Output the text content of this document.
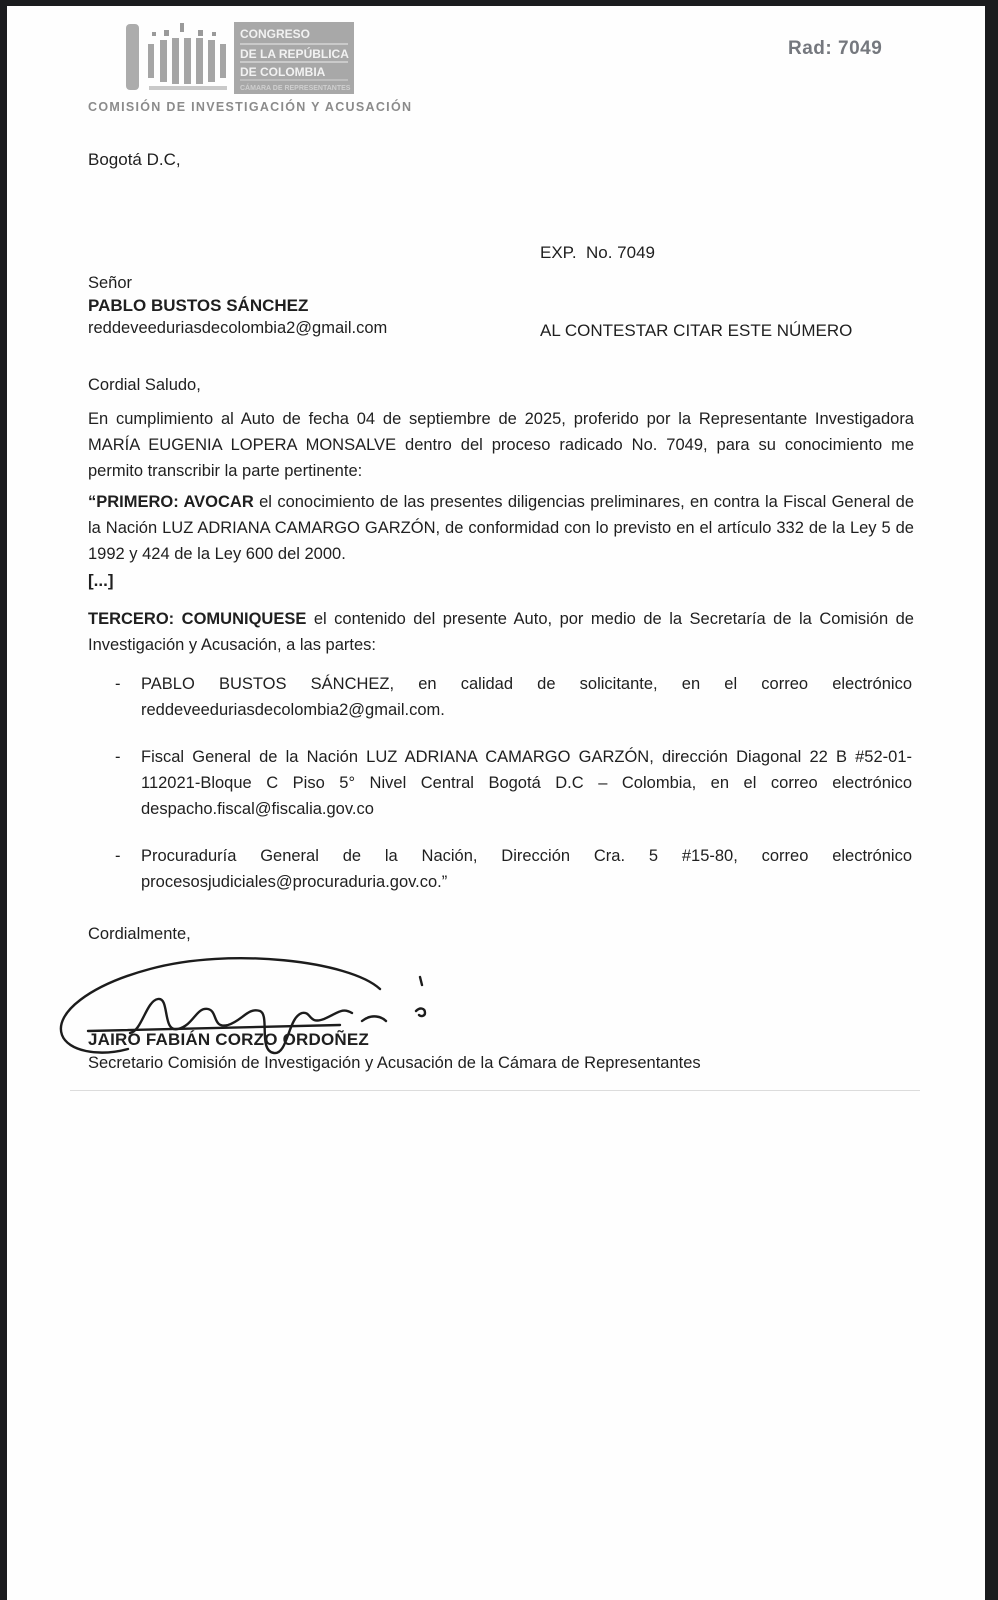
CONGRESO
DE LA REPÚBLICA
DE COLOMBIA
CÁMARA DE REPRESENTANTES
COMISIÓN DE INVESTIGACIÓN Y ACUSACIÓN
Rad: 7049
Bogotá D.C,

EXP.  No. 7049

AL CONTESTAR CITAR ESTE NÚMERO

Señor
PABLO BUSTOS SÁNCHEZ
reddeveeduriasdecolombia2@gmail.com
Cordial Saludo,
En cumplimiento al Auto de fecha 04 de septiembre de 2025, proferido por la Representante Investigadora MARÍA EUGENIA LOPERA MONSALVE dentro del proceso radicado No. 7049, para su conocimiento me permito transcribir la parte pertinente:
“PRIMERO: AVOCAR el conocimiento de las presentes diligencias preliminares, en contra la Fiscal General de la Nación LUZ ADRIANA CAMARGO GARZÓN, de conformidad con lo previsto en el artículo 332 de la Ley 5 de 1992 y 424 de la Ley 600 del 2000.
[...]
TERCERO: COMUNIQUESE el contenido del presente Auto, por medio de la Secretaría de la Comisión de Investigación y Acusación, a las partes:
-	PABLO BUSTOS SÁNCHEZ, en calidad de solicitante, en el correo electrónico reddeveeduriasdecolombia2@gmail.com.
-	Fiscal General de la Nación LUZ ADRIANA CAMARGO GARZÓN, dirección Diagonal 22 B #52-01-112021-Bloque C Piso 5° Nivel Central Bogotá D.C – Colombia, en el correo electrónico despacho.fiscal@fiscalia.gov.co
-	Procuraduría General de la Nación, Dirección Cra. 5 #15-80, correo electrónico procesosjudiciales@procuraduria.gov.co.”
Cordialmente,
JAIRO FABIÁN CORZO ORDOÑEZ
Secretario Comisión de Investigación y Acusación de la Cámara de Representantes
